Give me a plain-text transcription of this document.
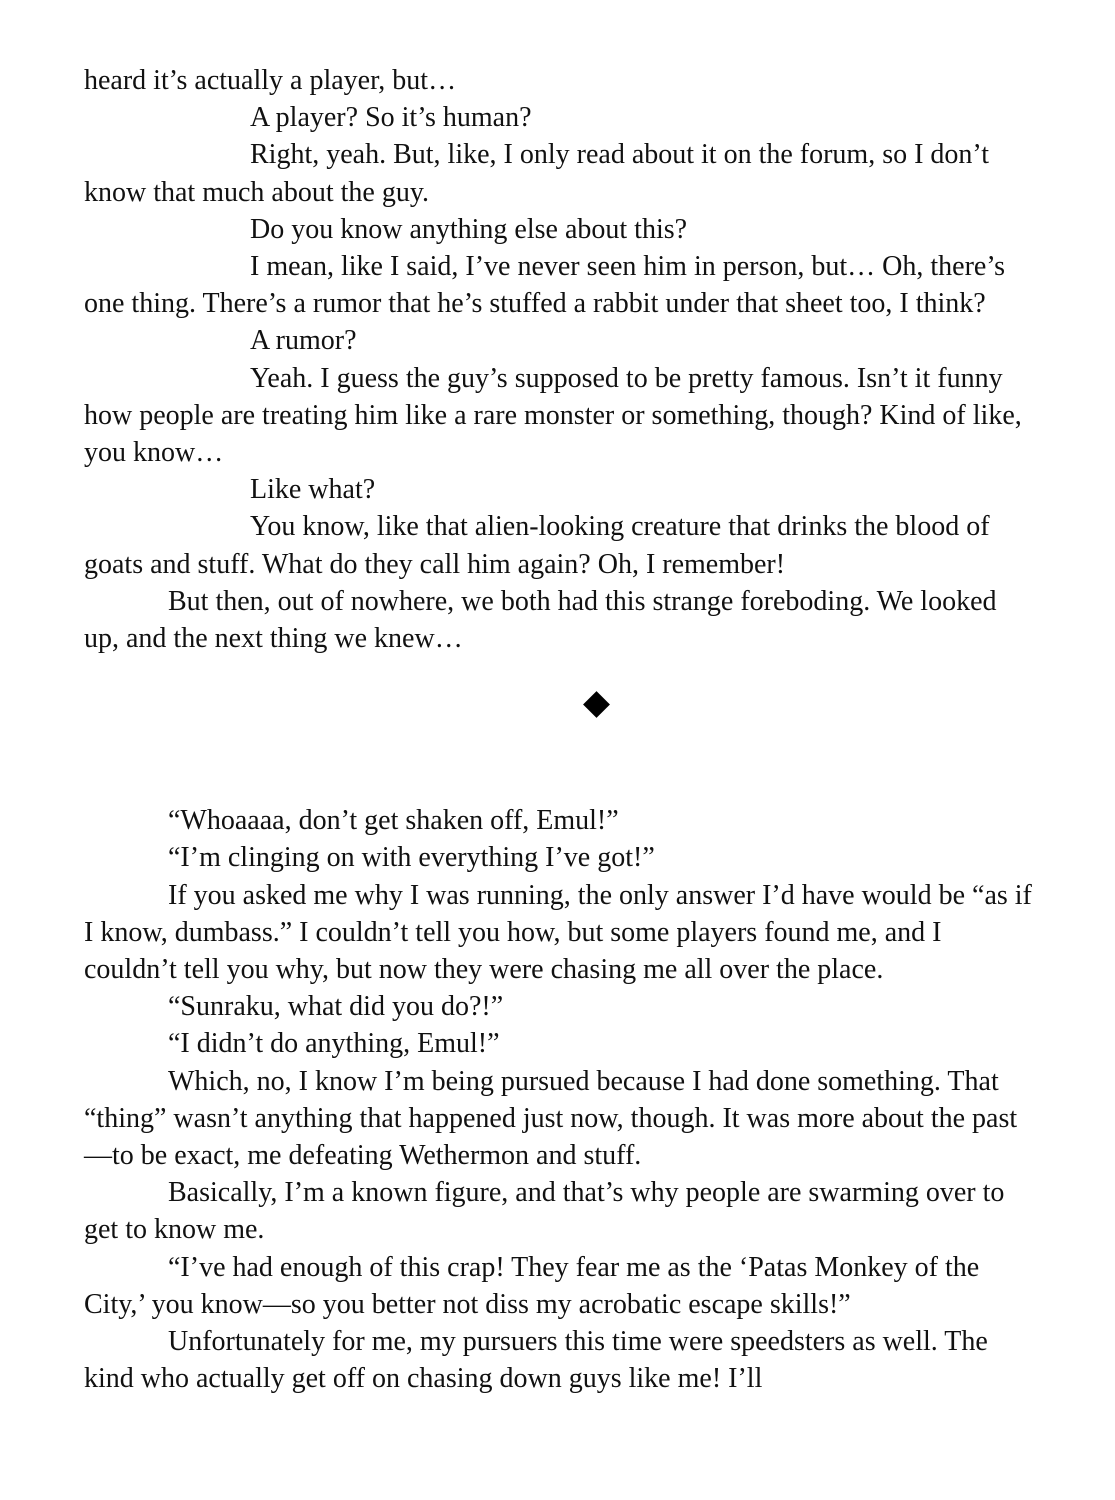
heard it’s actually a player, but…

A player? So it’s human?

Right, yeah. But, like, I only read about it on the forum, so I don’t know that much about the guy.

Do you know anything else about this?

I mean, like I said, I’ve never seen him in person, but… Oh, there’s one thing. There’s a rumor that he’s stuffed a rabbit under that sheet too, I think?

A rumor?

Yeah. I guess the guy’s supposed to be pretty famous. Isn’t it funny how people are treating him like a rare monster or something, though? Kind of like, you know…

Like what?

You know, like that alien-looking creature that drinks the blood of goats and stuff. What do they call him again? Oh, I remember!

But then, out of nowhere, we both had this strange foreboding. We looked up, and the next thing we knew…

“Whoaaaa, don’t get shaken off, Emul!”

“I’m clinging on with everything I’ve got!”

If you asked me why I was running, the only answer I’d have would be “as if I know, dumbass.” I couldn’t tell you how, but some players found me, and I couldn’t tell you why, but now they were chasing me all over the place.

“Sunraku, what did you do?!”

“I didn’t do anything, Emul!”

Which, no, I know I’m being pursued because I had done something. That “thing” wasn’t anything that happened just now, though. It was more about the past—to be exact, me defeating Wethermon and stuff.

Basically, I’m a known figure, and that’s why people are swarming over to get to know me.

“I’ve had enough of this crap! They fear me as the ‘Patas Monkey of the City,’ you know—so you better not diss my acrobatic escape skills!”

Unfortunately for me, my pursuers this time were speedsters as well. The kind who actually get off on chasing down guys like me! I’ll
